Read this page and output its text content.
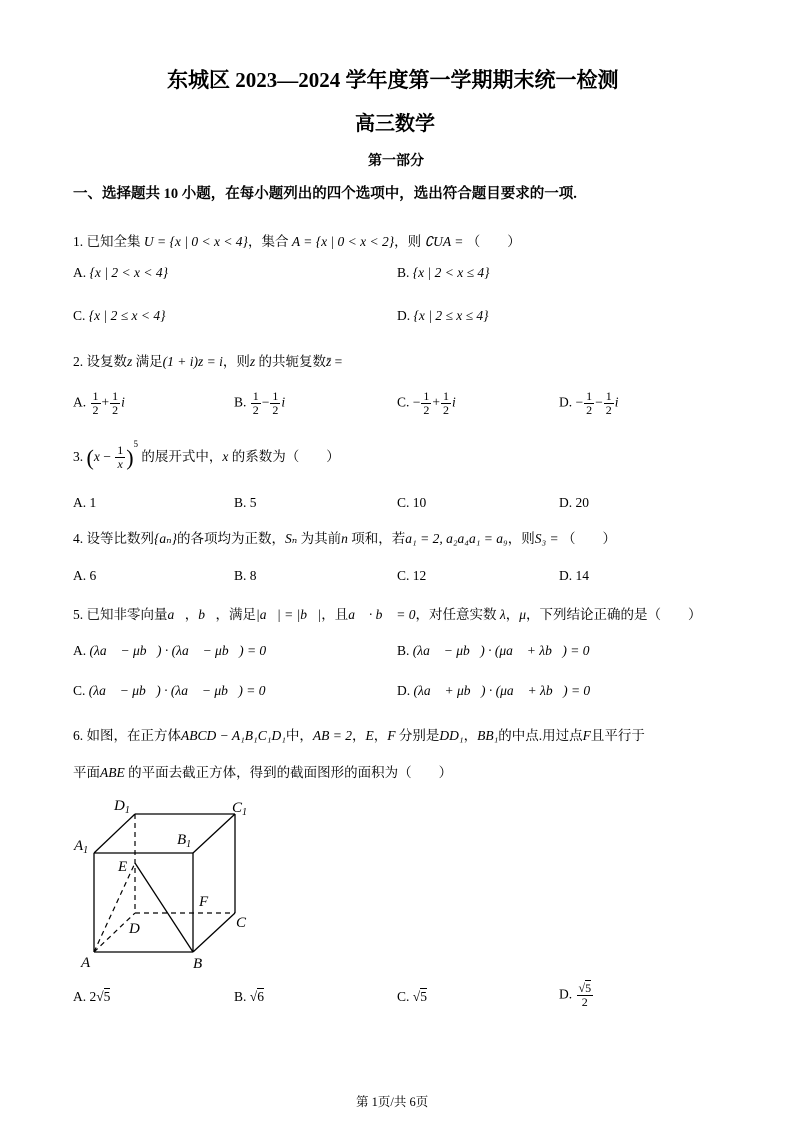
东城区 2023—2024 学年度第一学期期末统一检测
高三数学
第一部分
一、选择题共 10 小题，在每小题列出的四个选项中，选出符合题目要求的一项.
1. 已知全集 U = {x | 0 < x < 4}，集合 A = {x | 0 < x < 2}，则 ∁UA = （　　）
A. {x | 2 < x < 4}	B. {x | 2 < x ≤ 4}
C. {x | 2 ≤ x < 4}	D. {x | 2 ≤ x ≤ 4}
2. 设复数z 满足(1 + i)z = i，则z 的共轭复数z̄ =
A. $\frac{1}{2} + \frac{1}{2}$ i	B. $\frac{1}{2} - \frac{1}{2}$ i	C. − $\frac{1}{2} + \frac{1}{2}$ i	D. − $\frac{1}{2} - \frac{1}{2}$ i
3. $(x - \frac{1}{x} )^5$ 的展开式中，x 的系数为（　　）
A. 1	B. 5	C. 10	D. 20
4. 设等比数列{aₙ}的各项均为正数，Sₙ 为其前n 项和，若a₁ = 2, a₂a₄a₁ = a₉，则S₃ = （　　）
A. 6	B. 8	C. 12	D. 14
5. 已知非零向量a⃗，b⃗，满足|a⃗| = |b⃗|，且a⃗ · b⃗ = 0，对任意实数 λ，μ，下列结论正确的是（　　）
A. (λa⃗ − μb⃗) · (λa⃗ − μb⃗) = 0	B. (λa⃗ − μb⃗) · (μa⃗ + λb⃗) = 0
C. (λa⃗ − μb⃗) · (λa⃗ − μb⃗) = 0	D. (λa⃗ + μb⃗) · (μa⃗ + λb⃗) = 0
6. 如图，在正方体ABCD − A₁B₁C₁D₁中，AB = 2，E，F 分别是DD₁，BB₁的中点.用过点F且平行于
平面ABE 的平面去截正方体，得到的截面图形的面积为（　　）
$D_1$	$C_1$
$A_1$
$B_1$
E
F
C
D
A	B
A. 2√5	B. √6	C. √5	D. $\frac{√5}{2}$
第 1页/共 6页
